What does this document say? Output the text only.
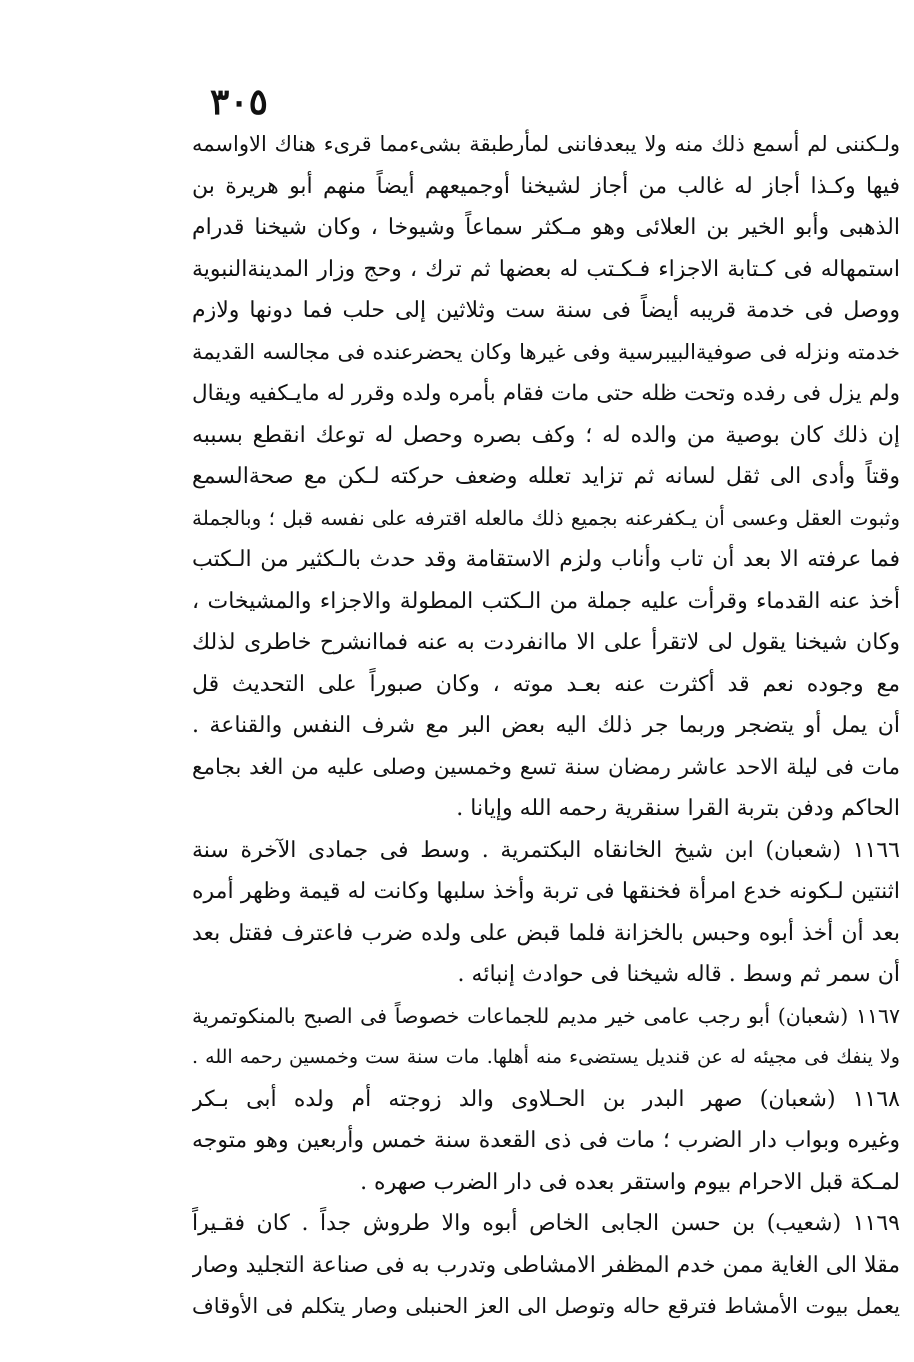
٣٠٥
ولـكننى لم أسمع ذلك منه ولا يبعدفاننى لمأرطبقة بشىءمما قرىء هناك الاواسمه
فيها وكـذا أجاز له غالب من أجاز لشيخنا أوجميعهم أيضاً منهم أبو هريرة بن
الذهبى وأبو الخير بن العلائى وهو مـكثر سماعاً وشيوخا ، وكان شيخنا قدرام
استمهاله فى كـتابة الاجزاء فـكـتب له بعضها ثم ترك ، وحج وزار المدينةالنبوية
ووصل فى خدمة قريبه أيضاً فى سنة ست وثلاثين إلى حلب فما دونها ولازم
خدمته ونزله فى صوفيةالبيبرسية وفى غيرها وكان يحضرعنده فى مجالسه القديمة
ولم يزل فى رفده وتحت ظله حتى مات فقام بأمره ولده وقرر له مايـكفيه ويقال
إن ذلك كان بوصية من والده له ؛ وكف بصره وحصل له توعك انقطع بسببه
وقتاً وأدى الى ثقل لسانه ثم تزايد تعلله وضعف حركته لـكن مع صحةالسمع
وثبوت العقل وعسى أن يـكفرعنه بجميع ذلك مالعله اقترفه على نفسه قبل ؛ وبالجملة
فما عرفته الا بعد أن تاب وأناب ولزم الاستقامة وقد حدث بالـكثير من الـكتب
أخذ عنه القدماء وقرأت عليه جملة من الـكتب المطولة والاجزاء والمشيخات ،
وكان شيخنا يقول لى لاتقرأ على الا ماانفردت به عنه فماانشرح خاطرى لذلك
مع وجوده نعم قد أكثرت عنه بعـد موته ، وكان صبوراً على التحديث قل
أن يمل أو يتضجر وربما جر ذلك اليه بعض البر مع شرف النفس والقناعة .
مات فى ليلة الاحد عاشر رمضان سنة تسع وخمسين وصلى عليه من الغد بجامع
الحاكم ودفن بتربة القرا سنقرية رحمه الله وإيانا .
١١٦٦ (شعبان) ابن شيخ الخانقاه البكتمرية . وسط فى جمادى الآخرة سنة
اثنتين لـكونه خدع امرأة فخنقها فى تربة وأخذ سلبها وكانت له قيمة وظهر أمره
بعد أن أخذ أبوه وحبس بالخزانة فلما قبض على ولده ضرب فاعترف فقتل بعد
أن سمر ثم وسط . قاله شيخنا فى حوادث إنبائه .
١١٦٧ (شعبان) أبو رجب عامى خير مديم للجماعات خصوصاً فى الصبح بالمنكوتمرية
ولا ينفك فى مجيئه له عن قنديل يستضىء منه أهلها. مات سنة ست وخمسين رحمه الله .
١١٦٨ (شعبان) صهر البدر بن الحـلاوى والد زوجته أم ولده أبى بـكر
وغيره وبواب دار الضرب ؛ مات فى ذى القعدة سنة خمس وأربعين وهو متوجه
لمـكة قبل الاحرام بيوم واستقر بعده فى دار الضرب صهره .
١١٦٩ (شعيب) بن حسن الجابى الخاص أبوه والا طروش جداً . كان فقـيراً
مقلا الى الغاية ممن خدم المظفر الامشاطى وتدرب به فى صناعة التجليد وصار
يعمل بيوت الأمشاط فترقع حاله وتوصل الى العز الحنبلى وصار يتكلم فى الأوقاف
